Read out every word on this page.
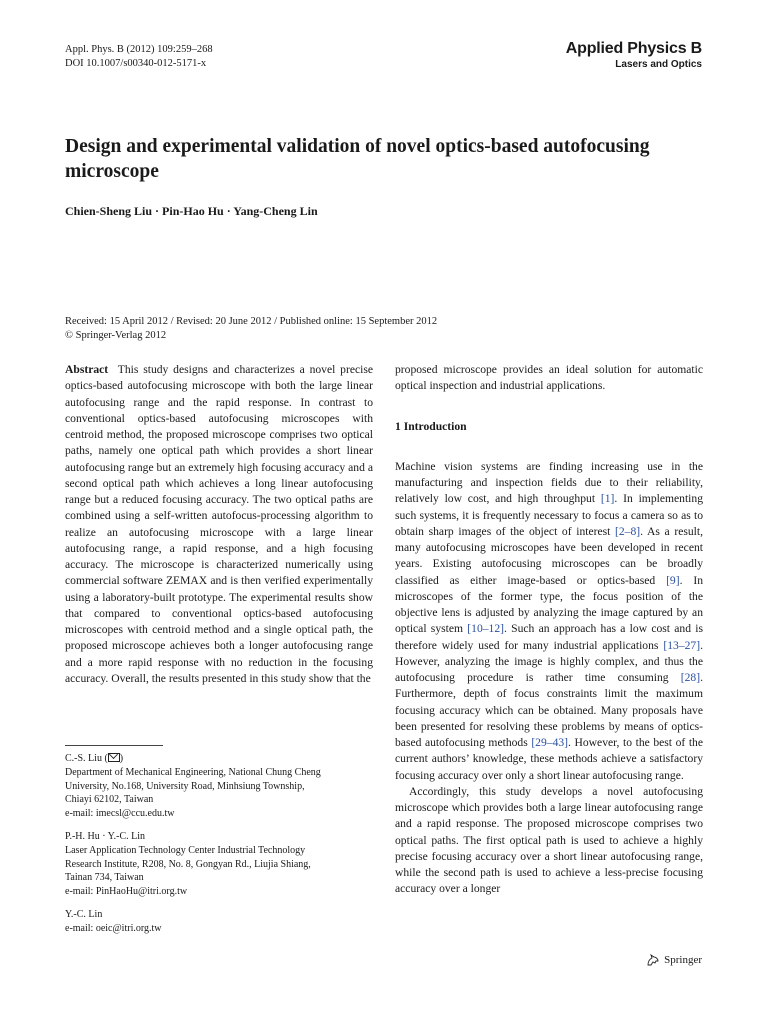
Appl. Phys. B (2012) 109:259–268
DOI 10.1007/s00340-012-5171-x
Applied Physics B
Lasers and Optics
Design and experimental validation of novel optics-based autofocusing microscope
Chien-Sheng Liu · Pin-Hao Hu · Yang-Cheng Lin
Received: 15 April 2012 / Revised: 20 June 2012 / Published online: 15 September 2012
© Springer-Verlag 2012

Abstract This study designs and characterizes a novel precise optics-based autofocusing microscope with both the large linear autofocusing range and the rapid response. In contrast to conventional optics-based autofocusing microscopes with centroid method, the proposed microscope comprises two optical paths, namely one optical path which provides a short linear autofocusing range but an extremely high focusing accuracy and a second optical path which achieves a long linear autofocusing range but a reduced focusing accuracy. The two optical paths are combined using a self-written autofocus-processing algorithm to realize an autofocusing microscope with a large linear autofocusing range, a rapid response, and a high focusing accuracy. The microscope is characterized numerically using commercial software ZEMAX and is then verified experimentally using a laboratory-built prototype. The experimental results show that compared to conventional optics-based autofocusing microscopes with centroid method and a single optical path, the proposed microscope achieves both a longer autofocusing range and a more rapid response with no reduction in the focusing accuracy. Overall, the results presented in this study show that the

C.-S. Liu ( )
Department of Mechanical Engineering, National Chung Cheng
University, No.168, University Road, Minhsiung Township,
Chiayi 62102, Taiwan
e-mail: imecsl@ccu.edu.tw
P.-H. Hu · Y.-C. Lin
Laser Application Technology Center Industrial Technology
Research Institute, R208, No. 8, Gongyan Rd., Liujia Shiang,
Tainan 734, Taiwan
e-mail: PinHaoHu@itri.org.tw
Y.-C. Lin
e-mail: oeic@itri.org.tw

proposed microscope provides an ideal solution for automatic optical inspection and industrial applications.

1 Introduction

Machine vision systems are finding increasing use in the manufacturing and inspection fields due to their reliability, relatively low cost, and high throughput [1]. In implementing such systems, it is frequently necessary to focus a camera so as to obtain sharp images of the object of interest [2–8]. As a result, many autofocusing microscopes have been developed in recent years. Existing autofocusing microscopes can be broadly classified as either image-based or optics-based [9]. In microscopes of the former type, the focus position of the objective lens is adjusted by analyzing the image captured by an optical system [10–12]. Such an approach has a low cost and is therefore widely used for many industrial applications [13–27]. However, analyzing the image is highly complex, and thus the autofocusing procedure is rather time consuming [28]. Furthermore, depth of focus constraints limit the maximum focusing accuracy which can be obtained. Many proposals have been presented for resolving these problems by means of optics-based autofocusing methods [29–43]. However, to the best of the current authors’ knowledge, these methods achieve a satisfactory focusing accuracy over only a short linear autofocusing range.

Accordingly, this study develops a novel autofocusing microscope which provides both a large linear autofocusing range and a rapid response. The proposed microscope comprises two optical paths. The first optical path is used to achieve a highly precise focusing accuracy over a short linear autofocusing range, while the second path is used to achieve a less-precise focusing accuracy over a longer

Springer
